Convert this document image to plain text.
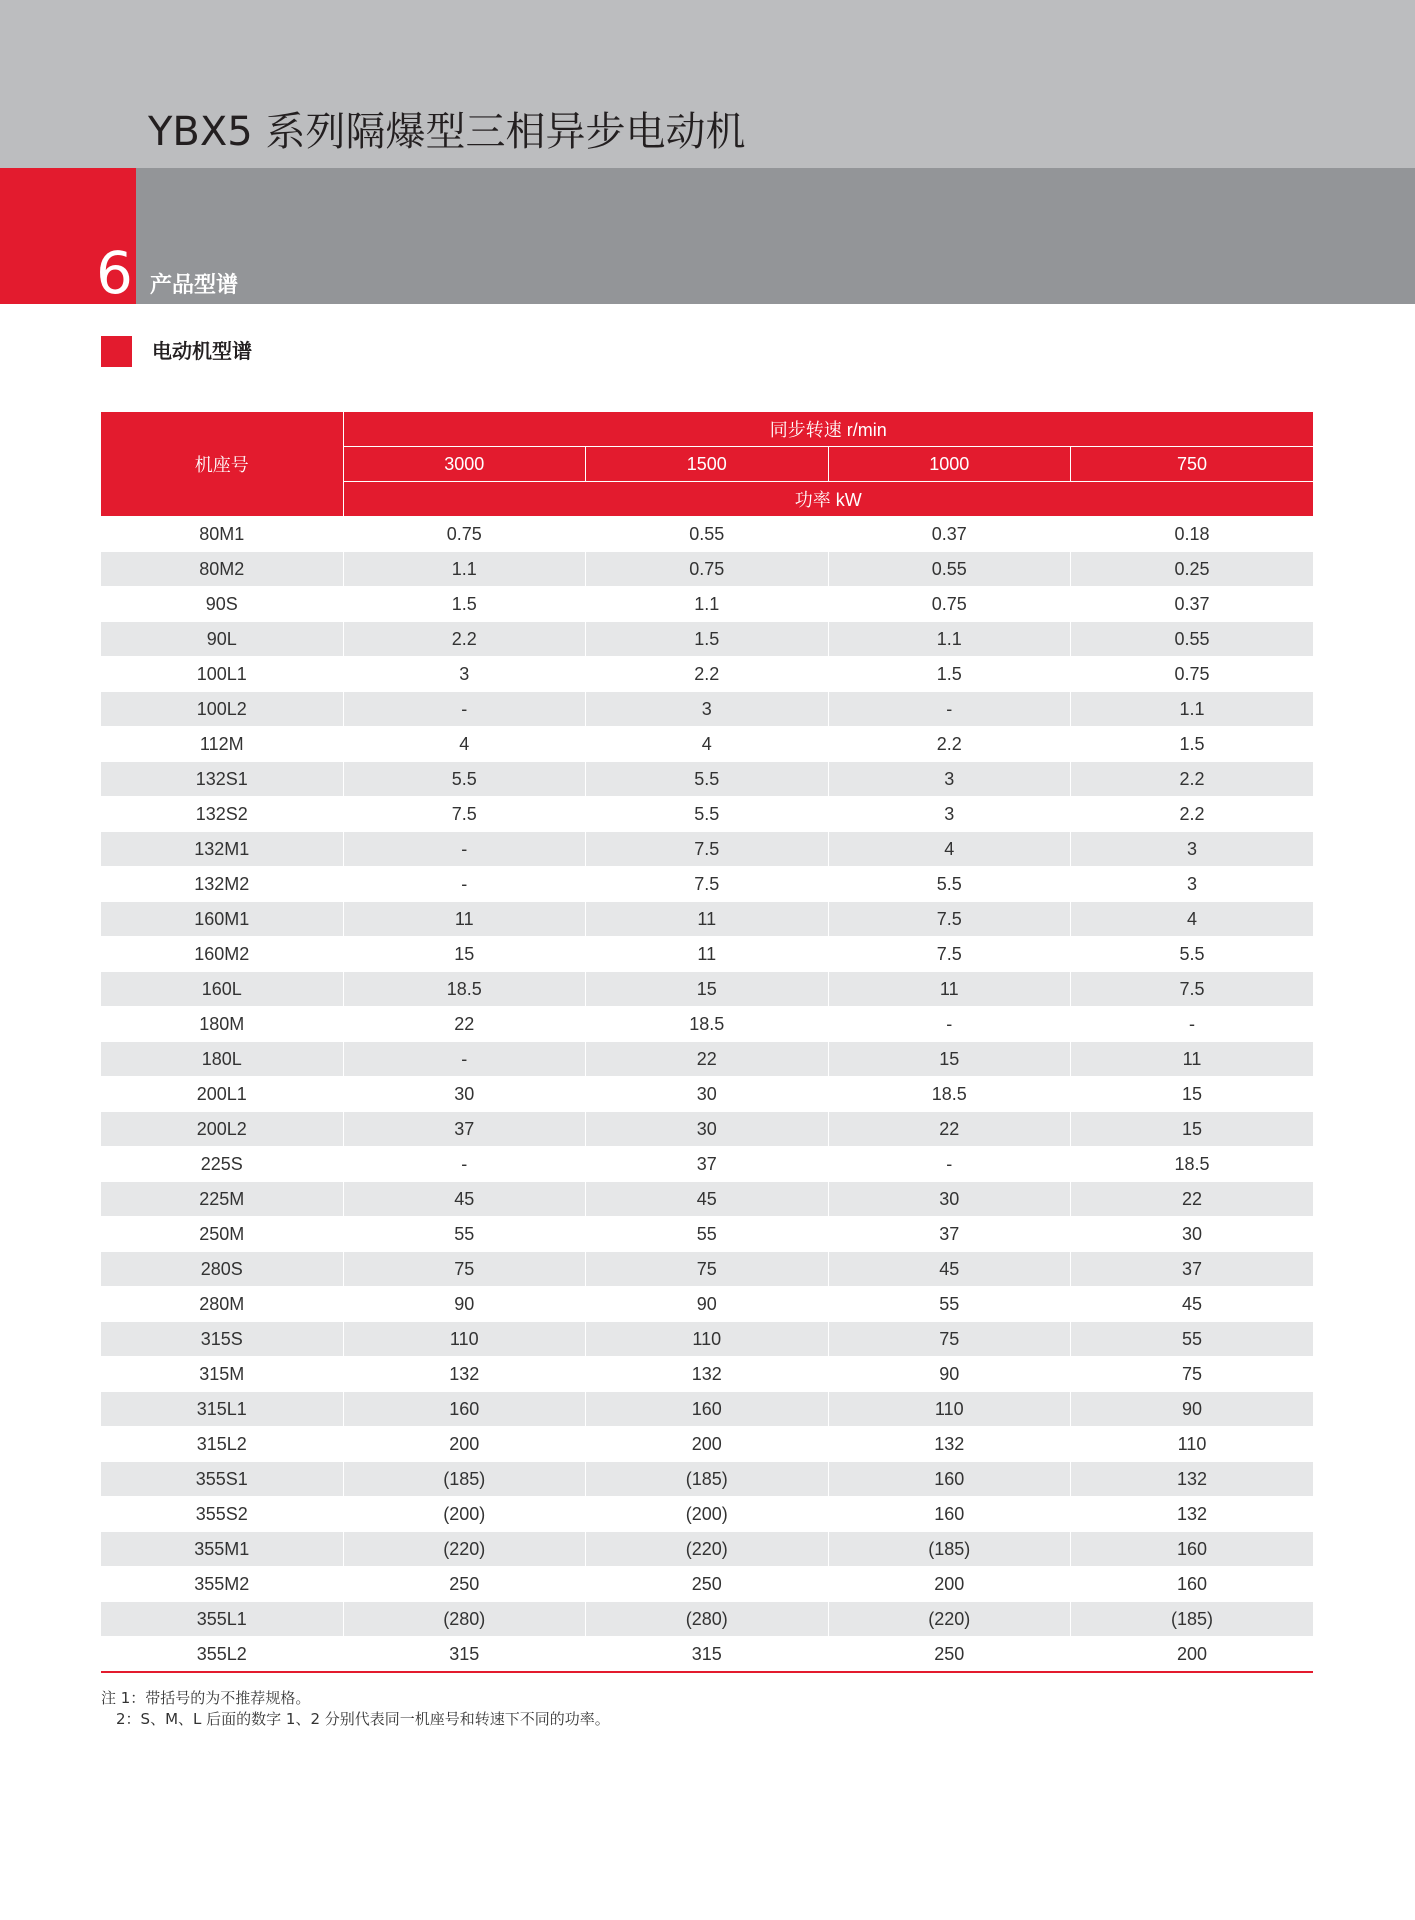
YBX5 系列隔爆型三相异步电动机
6 产品型谱
电动机型谱
机座号	同步转速 r/min			
	3000	1500	1000	750
	功率 kW			
80M1	0.75	0.55	0.37	0.18
80M2	1.1	0.75	0.55	0.25
90S	1.5	1.1	0.75	0.37
90L	2.2	1.5	1.1	0.55
100L1	3	2.2	1.5	0.75
100L2	-	3	-	1.1
112M	4	4	2.2	1.5
132S1	5.5	5.5	3	2.2
132S2	7.5	5.5	3	2.2
132M1	-	7.5	4	3
132M2	-	7.5	5.5	3
160M1	11	11	7.5	4
160M2	15	11	7.5	5.5
160L	18.5	15	11	7.5
180M	22	18.5	-	-
180L	-	22	15	11
200L1	30	30	18.5	15
200L2	37	30	22	15
225S	-	37	-	18.5
225M	45	45	30	22
250M	55	55	37	30
280S	75	75	45	37
280M	90	90	55	45
315S	110	110	75	55
315M	132	132	90	75
315L1	160	160	110	90
315L2	200	200	132	110
355S1	(185)	(185)	160	132
355S2	(200)	(200)	160	132
355M1	(220)	(220)	(185)	160
355M2	250	250	200	160
355L1	(280)	(280)	(220)	(185)
355L2	315	315	250	200
注 1：带括号的为不推荐规格。
　2：S、M、L 后面的数字 1、2 分别代表同一机座号和转速下不同的功率。
